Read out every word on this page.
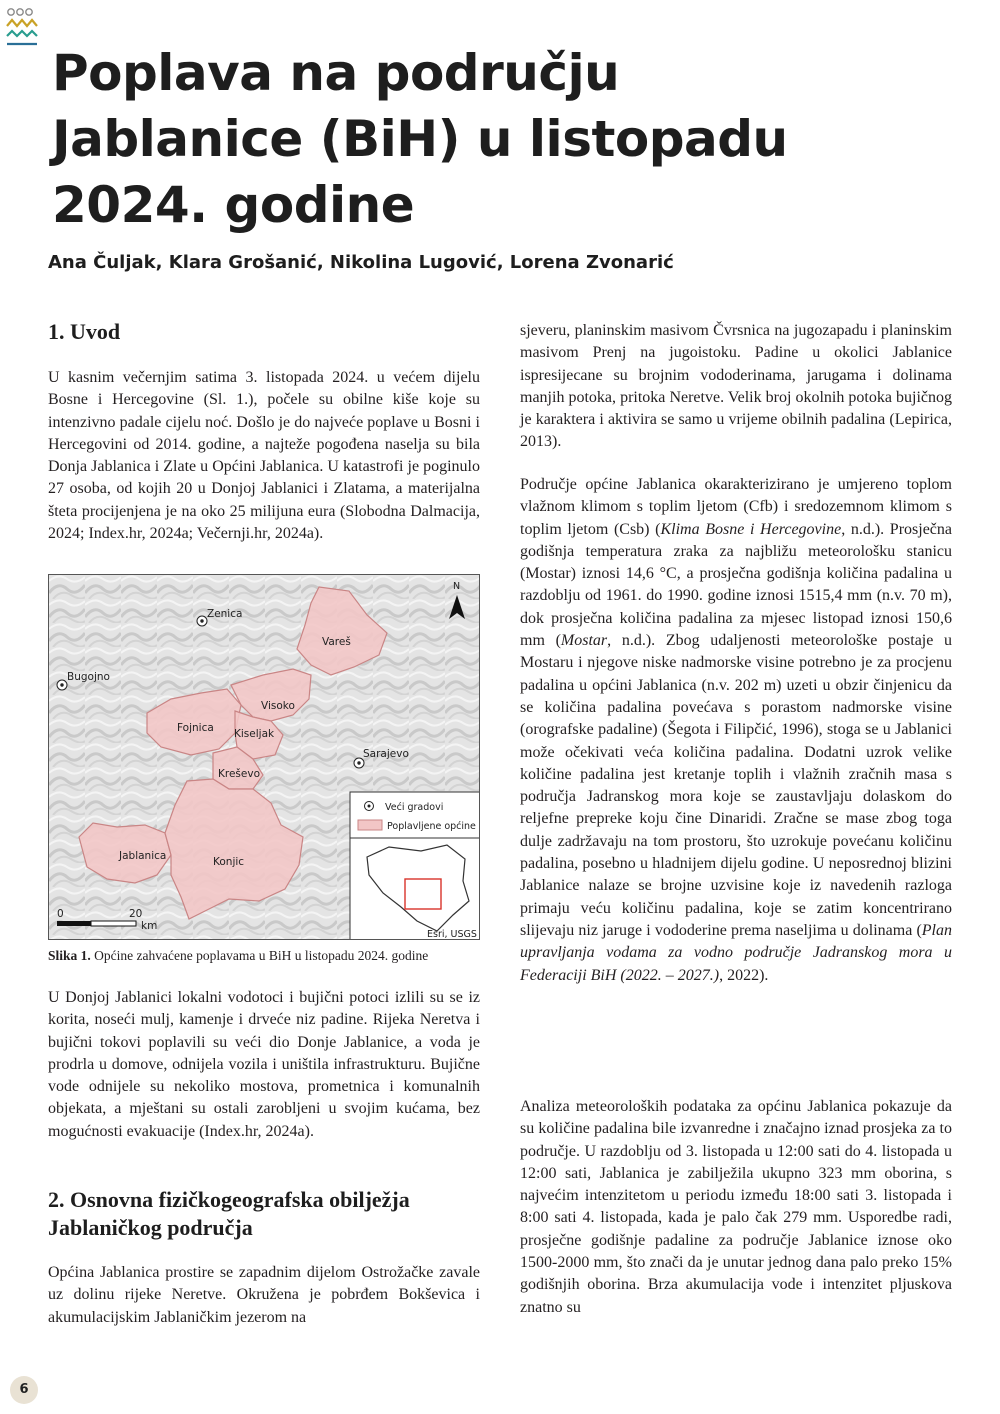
Poplava na području
Jablanice (BiH) u listopadu
2024. godine
Ana Čuljak, Klara Grošanić, Nikolina Lugović, Lorena Zvonarić
1. Uvod

U kasnim večernjim satima 3. listopada 2024. u većem dijelu Bosne i Hercegovine (Sl. 1.), počele su obilne kiše koje su intenzivno padale cijelu noć. Došlo je do najveće poplave u Bosni i Hercegovini od 2014. godine, a najteže pogođena naselja su bila Donja Jablanica i Zlate u Općini Jablanica. U katastrofi je poginulo 27 osoba, od kojih 20 u Donjoj Jablanici i Zlatama, a materijalna šteta procijenjena je na oko 25 milijuna eura (Slobodna Dalmacija, 2024; Index.hr, 2024a; Večernji.hr, 2024a).

Vareš
Visoko
Fojnica Kiseljak
Kreševo
Jablanica	Konjic
Zenica
Bugojno
Sarajevo
N
Veći gradovi
Poplavljene općine
Esri, USGS
0	20
km

Slika 1. Općine zahvaćene poplavama u BiH u listopadu 2024. godine

U Donjoj Jablanici lokalni vodotoci i bujični potoci izlili su se iz korita, noseći mulj, kamenje i drveće niz padine. Rijeka Neretva i bujični tokovi poplavili su veći dio Donje Jablanice, a voda je prodrla u domove, odnijela vozila i uništila infrastrukturu. Bujične vode odnijele su nekoliko mostova, prometnica i komunalnih objekata, a mještani su ostali zarobljeni u svojim kućama, bez mogućnosti evakuacije (Index.hr, 2024a).

2. Osnovna fizičkogeografska obilježja
Jablaničkog područja

Općina Jablanica prostire se zapadnim dijelom Ostrožačke zavale uz dolinu rijeke Neretve. Okružena je pobrđem Bokševica i akumulacijskim Jablaničkim jezerom na

sjeveru, planinskim masivom Čvrsnica na jugozapadu i planinskim masivom Prenj na jugoistoku. Padine u okolici Jablanice ispresijecane su brojnim vododerinama, jarugama i dolinama manjih potoka, pritoka Neretve. Velik broj okolnih potoka bujičnog je karaktera i aktivira se samo u vrijeme obilnih padalina (Lepirica, 2013).

Područje općine Jablanica okarakterizirano je umjereno toplom vlažnom klimom s toplim ljetom (Cfb) i sredozemnom klimom s toplim ljetom (Csb) (Klima Bosne i Hercegovine, n.d.). Prosječna godišnja temperatura zraka za najbližu meteorološku stanicu (Mostar) iznosi 14,6 °C, a prosječna godišnja količina padalina u razdoblju od 1961. do 1990. godine iznosi 1515,4 mm (n.v. 70 m), dok prosječna količina padalina za mjesec listopad iznosi 150,6 mm (Mostar, n.d.). Zbog udaljenosti meteorološke postaje u Mostaru i njegove niske nadmorske visine potrebno je za procjenu padalina u općini Jablanica (n.v. 202 m) uzeti u obzir činjenicu da se količina padalina povećava s porastom nadmorske visine (orografske padaline) (Šegota i Filipčić, 1996), stoga se u Jablanici može očekivati veća količina padalina. Dodatni uzrok velike količine padalina jest kretanje toplih i vlažnih zračnih masa s područja Jadranskog mora koje se zaustavljaju dolaskom do reljefne prepreke koju čine Dinaridi. Zračne se mase zbog toga dulje zadržavaju na tom prostoru, što uzrokuje povećanu količinu padalina, posebno u hladnijem dijelu godine. U neposrednoj blizini Jablanice nalaze se brojne uzvisine koje iz navedenih razloga primaju veću količinu padalina, koje se zatim koncentrirano slijevaju niz jaruge i vododerine prema naseljima u dolinama (Plan upravljanja vodama za vodno područje Jadranskog mora u Federaciji BiH (2022. – 2027.), 2022).

Analiza meteoroloških podataka za općinu Jablanica pokazuje da su količine padalina bile izvanredne i značajno iznad prosjeka za to područje. U razdoblju od 3. listopada u 12:00 sati do 4. listopada u 12:00 sati, Jablanica je zabilježila ukupno 323 mm oborina, s najvećim intenzitetom u periodu između 18:00 sati 3. listopada i 8:00 sati 4. listopada, kada je palo čak 279 mm. Usporedbe radi, prosječne godišnje padaline za područje Jablanice iznose oko 1500-2000 mm, što znači da je unutar jednog dana palo preko 15% godišnjih oborina. Brza akumulacija vode i intenzitet pljuskova znatno su

6
